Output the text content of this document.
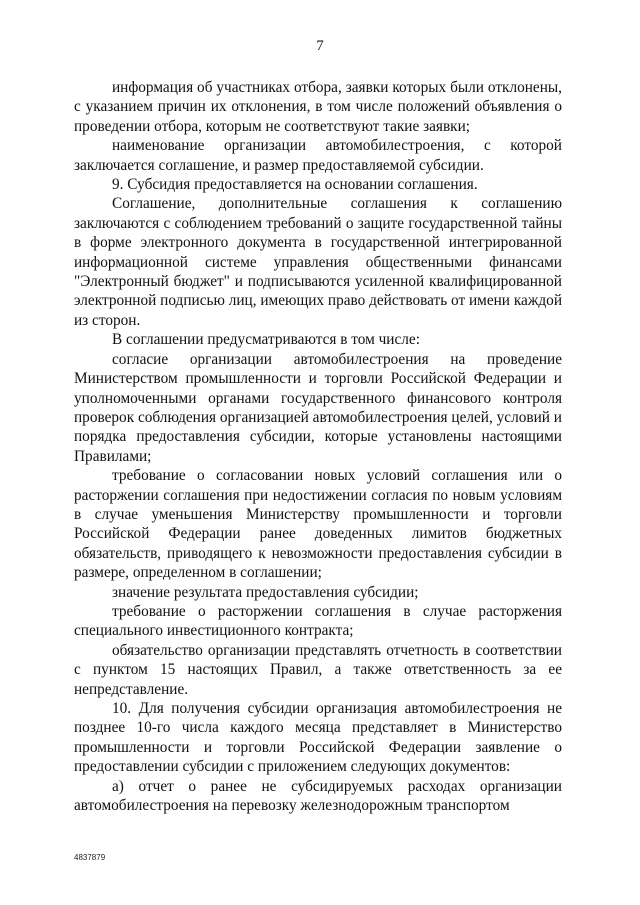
7

информация об участниках отбора, заявки которых были отклонены, с указанием причин их отклонения, в том числе положений объявления о проведении отбора, которым не соответствуют такие заявки;

наименование организации автомобилестроения, с которой заключается соглашение, и размер предоставляемой субсидии.

9. Субсидия предоставляется на основании соглашения.

Соглашение, дополнительные соглашения к соглашению заключаются с соблюдением требований о защите государственной тайны в форме электронного документа в государственной интегрированной информационной системе управления общественными финансами "Электронный бюджет" и подписываются усиленной квалифицированной электронной подписью лиц, имеющих право действовать от имени каждой из сторон.

В соглашении предусматриваются в том числе:

согласие организации автомобилестроения на проведение Министерством промышленности и торговли Российской Федерации и уполномоченными органами государственного финансового контроля проверок соблюдения организацией автомобилестроения целей, условий и порядка предоставления субсидии, которые установлены настоящими Правилами;

требование о согласовании новых условий соглашения или о расторжении соглашения при недостижении согласия по новым условиям в случае уменьшения Министерству промышленности и торговли Российской Федерации ранее доведенных лимитов бюджетных обязательств, приводящего к невозможности предоставления субсидии в размере, определенном в соглашении;

значение результата предоставления субсидии;

требование о расторжении соглашения в случае расторжения специального инвестиционного контракта;

обязательство организации представлять отчетность в соответствии с пунктом 15 настоящих Правил, а также ответственность за ее непредставление.

10. Для получения субсидии организация автомобилестроения не позднее 10-го числа каждого месяца представляет в Министерство промышленности и торговли Российской Федерации заявление о предоставлении субсидии с приложением следующих документов:

а) отчет о ранее не субсидируемых расходах организации автомобилестроения на перевозку железнодорожным транспортом

4837879
